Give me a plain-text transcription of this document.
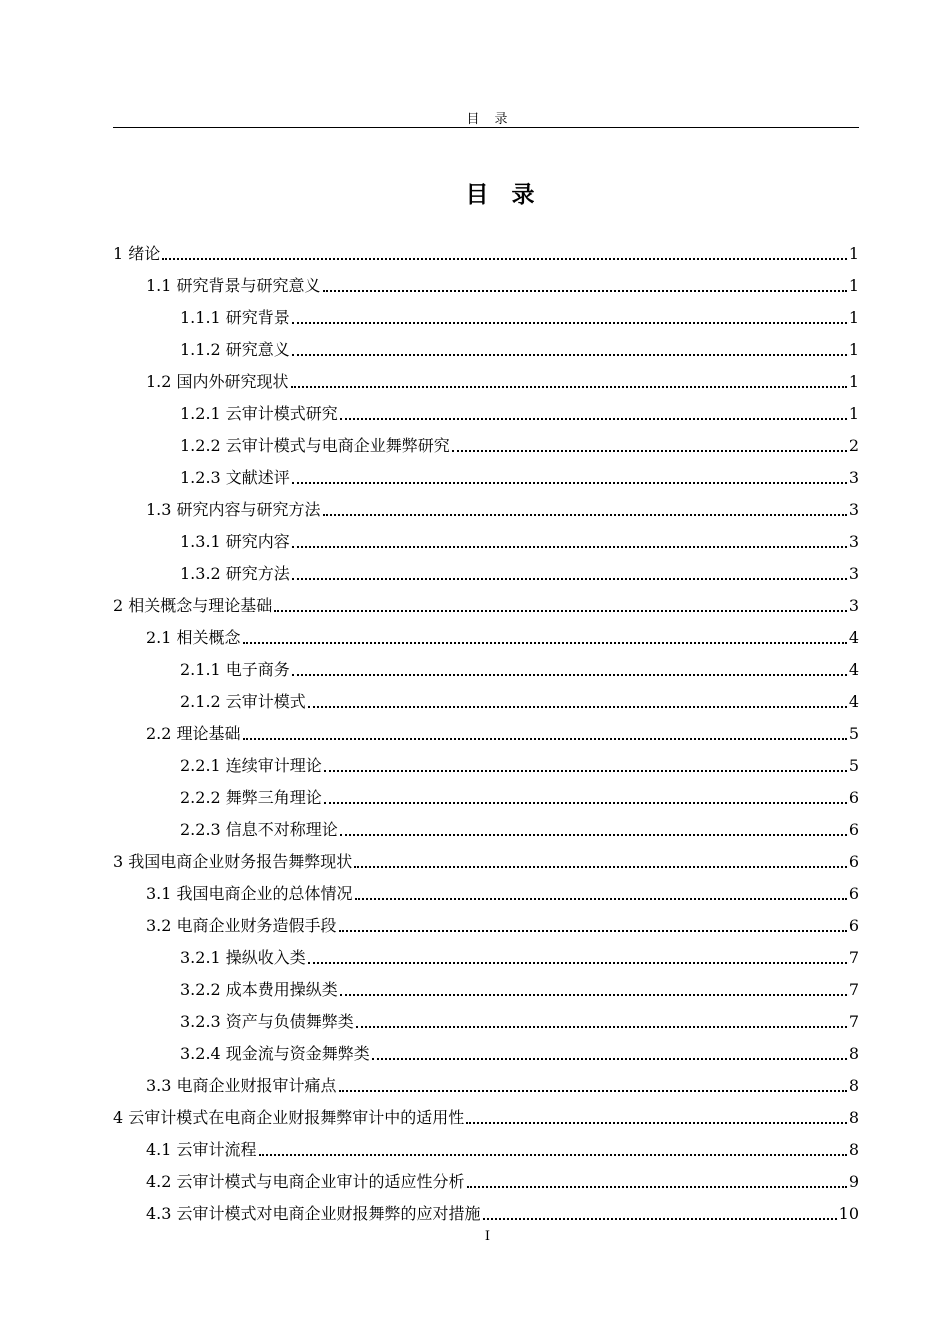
目　录
目　录
1 绪论	1
1.1 研究背景与研究意义	1
1.1.1 研究背景	1
1.1.2 研究意义	1
1.2 国内外研究现状	1
1.2.1 云审计模式研究	1
1.2.2 云审计模式与电商企业舞弊研究	2
1.2.3 文献述评	3
1.3 研究内容与研究方法	3
1.3.1 研究内容	3
1.3.2 研究方法	3
2 相关概念与理论基础	3
2.1 相关概念	4
2.1.1 电子商务	4
2.1.2 云审计模式	4
2.2 理论基础	5
2.2.1 连续审计理论	5
2.2.2 舞弊三角理论	6
2.2.3 信息不对称理论	6
3 我国电商企业财务报告舞弊现状	6
3.1 我国电商企业的总体情况	6
3.2 电商企业财务造假手段	6
3.2.1 操纵收入类	7
3.2.2 成本费用操纵类	7
3.2.3 资产与负债舞弊类	7
3.2.4 现金流与资金舞弊类	8
3.3 电商企业财报审计痛点	8
4 云审计模式在电商企业财报舞弊审计中的适用性	8
4.1 云审计流程	8
4.2 云审计模式与电商企业审计的适应性分析	9
4.3 云审计模式对电商企业财报舞弊的应对措施	10
I
